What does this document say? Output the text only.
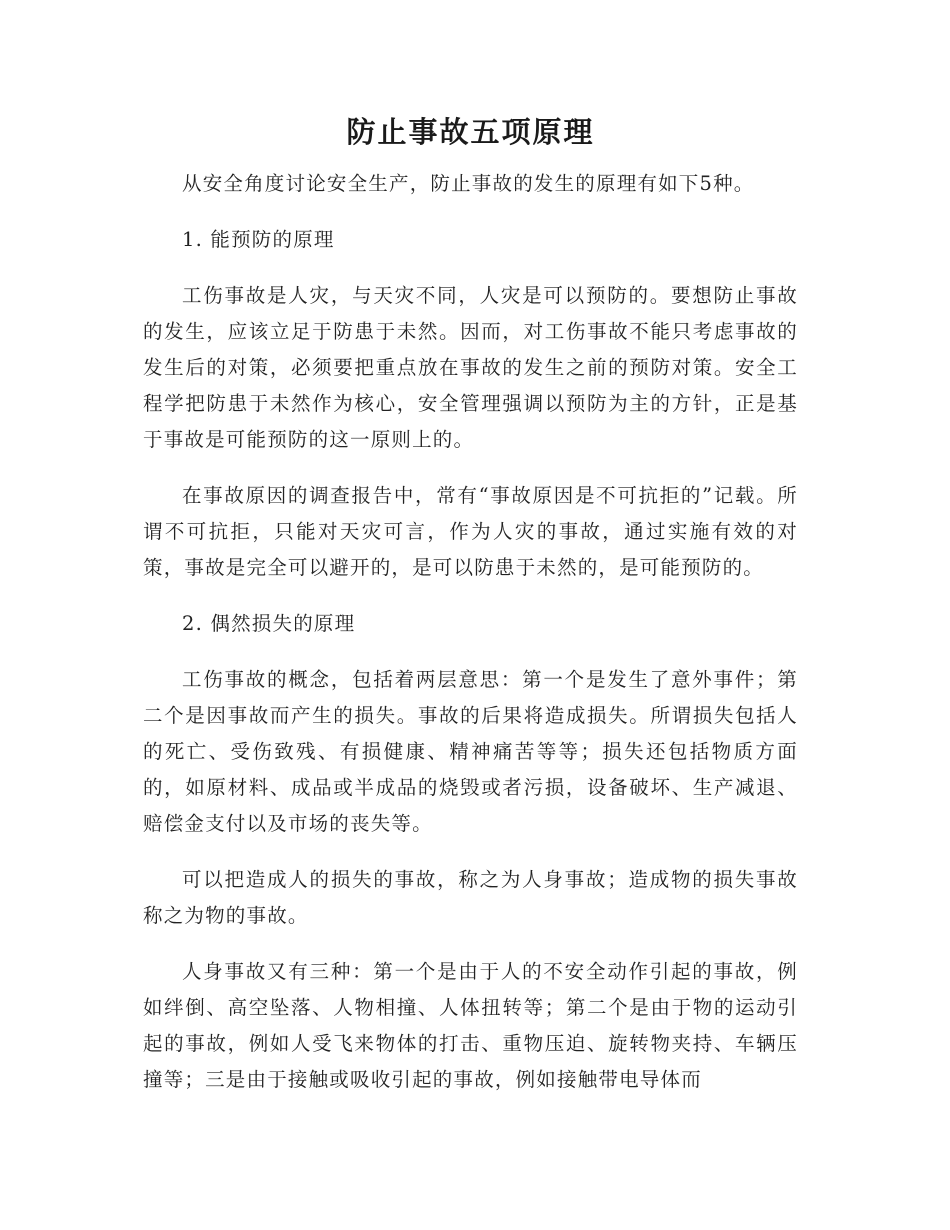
防止事故五项原理

从安全角度讨论安全生产，防止事故的发生的原理有如下5种。

1. 能预防的原理

工伤事故是人灾，与天灾不同，人灾是可以预防的。要想防止事故的发生，应该立足于防患于未然。因而，对工伤事故不能只考虑事故的发生后的对策，必须要把重点放在事故的发生之前的预防对策。安全工程学把防患于未然作为核心，安全管理强调以预防为主的方针，正是基于事故是可能预防的这一原则上的。

在事故原因的调查报告中，常有“事故原因是不可抗拒的”记载。所谓不可抗拒，只能对天灾可言，作为人灾的事故，通过实施有效的对策，事故是完全可以避开的，是可以防患于未然的，是可能预防的。

2. 偶然损失的原理

工伤事故的概念，包括着两层意思：第一个是发生了意外事件；第二个是因事故而产生的损失。事故的后果将造成损失。所谓损失包括人的死亡、受伤致残、有损健康、精神痛苦等等；损失还包括物质方面的，如原材料、成品或半成品的烧毁或者污损，设备破坏、生产减退、赔偿金支付以及市场的丧失等。

可以把造成人的损失的事故，称之为人身事故；造成物的损失事故称之为物的事故。

人身事故又有三种：第一个是由于人的不安全动作引起的事故，例如绊倒、高空坠落、人物相撞、人体扭转等；第二个是由于物的运动引起的事故，例如人受飞来物体的打击、重物压迫、旋转物夹持、车辆压撞等；三是由于接触或吸收引起的事故，例如接触带电导体而
